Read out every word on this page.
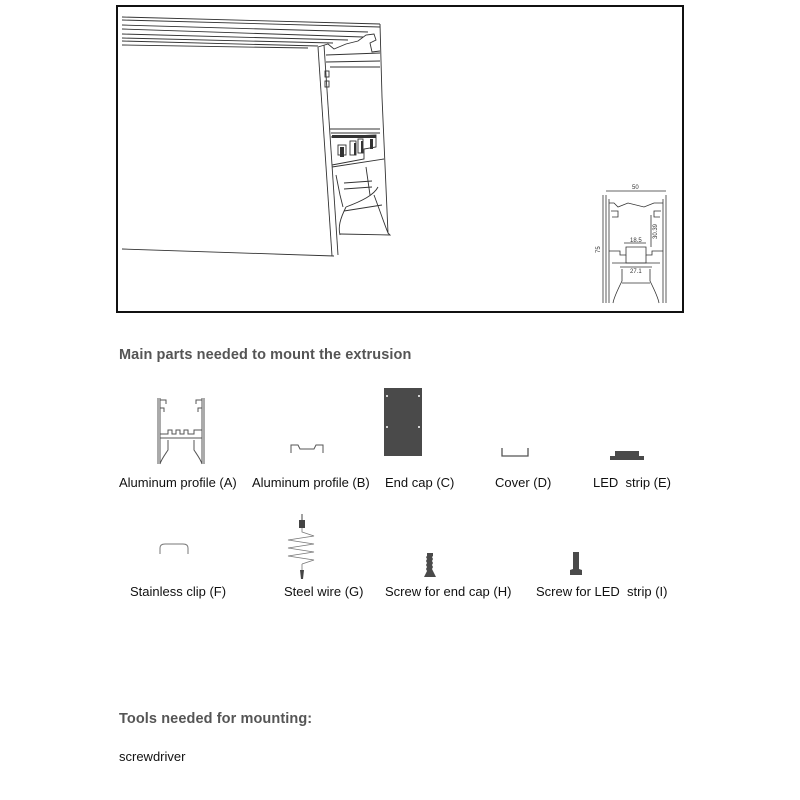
50
75
30.39
18.5
27.1
Main parts needed to mount the extrusion
Aluminum profile (A) Aluminum profile (B) End cap (C)	Cover (D)	LED  strip (E)
Stainless clip (F)	Steel wire (G) Screw for end cap (H) Screw for LED  strip (I)
Tools needed for mounting:
screwdriver
